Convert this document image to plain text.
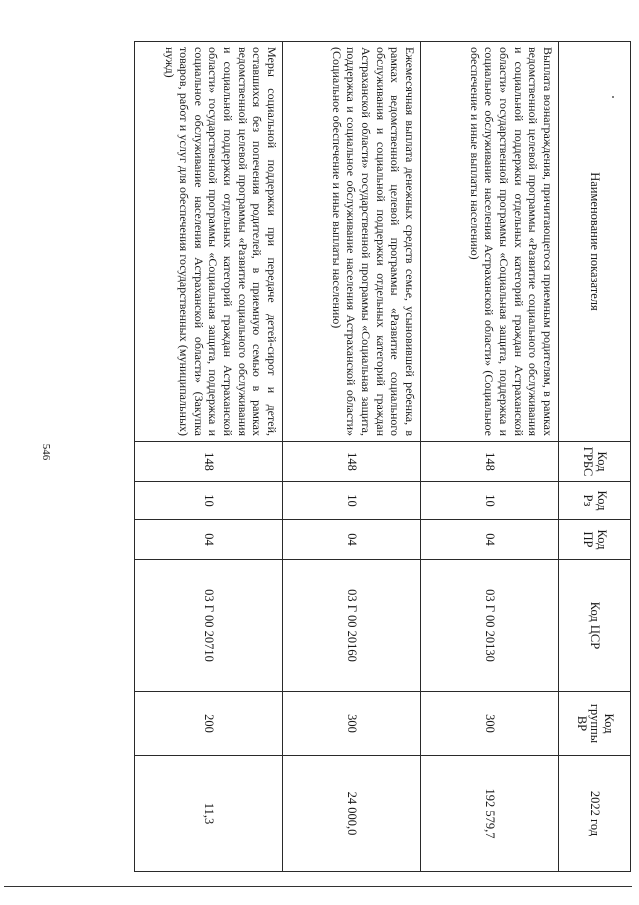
546
Наименование показателя	Код ГРБС	Код Рз	Код ПР	Код ЦСР	Код группы ВР	2022 год
Выплата вознаграждения, причитающегося приемным родителям, в рамках ведомственной целевой программы «Развитие социального обслуживания и социальной поддержки отдельных категорий граждан Астраханской области» государственной программы «Социальная защита, поддержка и социальное обслуживание населения Астраханской области» (Социальное обеспечение и иные выплаты населению)	148	10	04	03 Г 00 20130	300	192 579,7
Ежемесячная выплата денежных средств семье, усыновившей ребенка, в рамках ведомственной целевой программы «Развитие социального обслуживания и социальной поддержки отдельных категорий граждан Астраханской области» государственной программы «Социальная защита, поддержка и социальное обслуживание населения Астраханской области» (Социальное обеспечение и иные выплаты населению)	148	10	04	03 Г 00 20160	300	24 000,0
Меры социальной поддержки при передаче детей-сирот и детей, оставшихся без попечения родителей, в приемную семью в рамках ведомственной целевой программы «Развитие социального обслуживания и социальной поддержки отдельных категорий граждан Астраханской области» государственной программы «Социальная защита, поддержка и социальное обслуживание населения Астраханской области» (Закупка товаров, работ и услуг для обеспечения государственных (муниципальных) нужд)	148	10	04	03 Г 00 20710	200	11,3
